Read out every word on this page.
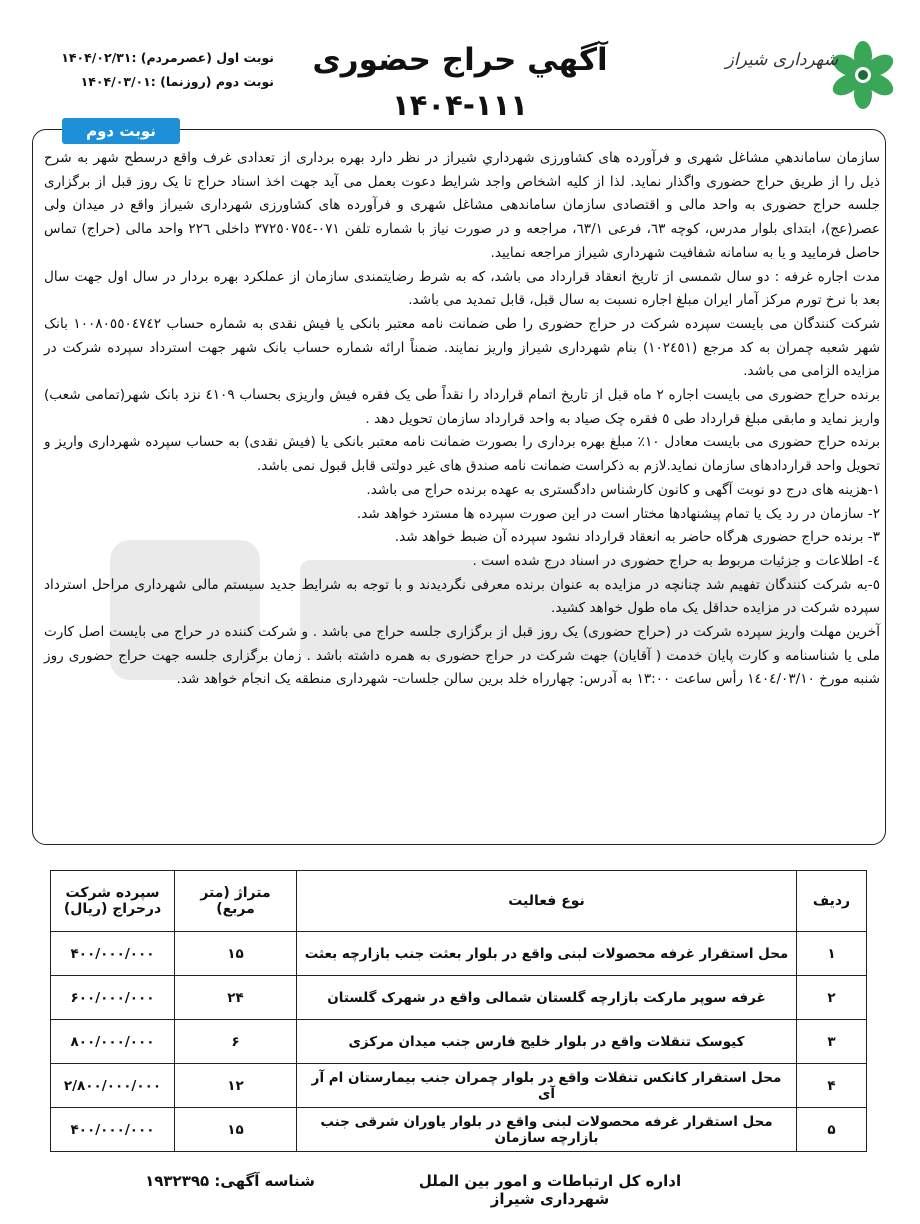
شهرداری شیراز
نوبت اول (عصرمردم) :۱۴۰۴/۰۲/۳۱
نوبت دوم (روزنما) :۱۴۰۴/۰۳/۰۱
آگهي حراج حضوری
۱۴۰۴-۱۱۱
نوبت دوم

سازمان ساماندهي مشاغل شهری و فرآورده های کشاورزی شهرداري شیراز در نظر دارد بهره برداری از تعدادی غرف واقع درسطح شهر به شرح ذیل را از طریق حراج حضوری واگذار نماید. لذا از کلیه اشخاص واجد شرایط دعوت بعمل می آید جهت اخذ اسناد حراج تا یک روز قبل از برگزاری جلسه حراج حضوری به واحد مالی و اقتصادی سازمان ساماندهی مشاغل شهری و فرآورده های کشاورزی شهرداری شیراز واقع در میدان ولی عصر(عج)، ابتدای بلوار مدرس، کوچه ٦٣، فرعی ٦٣/١، مراجعه و در صورت نیاز با شماره تلفن ٠٧١-٣٧٢٥٠٧٥٤ داخلی ٢٢٦ واحد مالی (حراج) تماس حاصل فرمایید و یا به سامانه شفافیت شهرداری شیراز مراجعه نمایید.

مدت اجاره غرفه : دو سال شمسی از تاریخ انعقاد قرارداد می باشد، که به شرط رضایتمندی سازمان از عملکرد بهره بردار در سال اول جهت سال بعد با نرخ تورم مرکز آمار ایران مبلغ اجاره نسبت به سال قبل، قابل تمدید می باشد.

شرکت کنندگان می بایست سپرده شرکت در حراج حضوری را طی ضمانت نامه معتبر بانکی یا فیش نقدی به شماره حساب ١٠٠٨٠٥٥٠٤٧٤٢ بانک شهر شعبه چمران به کد مرجع (١٠٢٤٥١) بنام شهرداری شیراز واریز نمایند. ضمناً ارائه شماره حساب بانک شهر جهت استرداد سپرده شرکت در مزایده الزامی می باشد.

برنده حراج حضوری می بایست اجاره ٢ ماه قبل از تاریخ اتمام قرارداد را نقداً طی یک فقره فیش واریزی بحساب ٤١٠٩ نزد بانک شهر(تمامی شعب) واریز نماید و مابقی مبلغ قرارداد طی ٥ فقره چک صیاد به واحد قرارداد سازمان تحویل دهد .

برنده حراج حضوری می بایست معادل ١٠٪ مبلغ بهره برداری را بصورت ضمانت نامه معتبر بانکی یا (فیش نقدی) به حساب سپرده شهرداری واریز و تحویل واحد قراردادهای سازمان نماید.لازم به ذکراست ضمانت نامه صندق های غیر دولتی قابل قبول نمی باشد.

١-هزینه های درج دو نوبت آگهی و کانون کارشناس دادگستری به عهده برنده حراج می باشد.

٢- سازمان در رد یک یا تمام پیشنهادها مختار است در این صورت سپرده ها مسترد خواهد شد.

٣- برنده حراج حضوری هرگاه حاضر به انعقاد قرارداد نشود سپرده آن ضبط خواهد شد.

٤- اطلاعات و جزئیات مربوط به حراج حضوری در اسناد درج شده است .

٥-به شرکت کنندگان تفهیم شد چنانچه در مزایده به عنوان برنده معرفی نگردیدند و با توجه به شرایط جدید سیستم مالی شهرداری مراحل استرداد سپرده شرکت در مزایده حداقل یک ماه طول خواهد کشید.

آخرین مهلت واریز سپرده شرکت در (حراج حضوری) یک روز قبل از برگزاری جلسه حراج می باشد . و شرکت کننده در حراج می بایست اصل کارت ملی یا شناسنامه و کارت پایان خدمت ( آقایان) جهت شرکت در حراج حضوری به همره داشته باشد . زمان برگزاری جلسه جهت حراج حضوری روز شنبه مورخ ١٤٠٤/٠٣/١٠ رأس ساعت ١٣:٠٠ به آدرس: چهارراه خلد برین سالن جلسات- شهرداری منطقه یک انجام خواهد شد.

رديف	نوع فعاليت	متراژ (متر مربع)	سپرده شرکت درحراج (ريال)
١	محل استقرار غرفه محصولات لبنی واقع در بلوار بعثت جنب بازارچه بعثت	١۵	۴٠٠/٠٠٠/٠٠٠
٢	غرفه سوپر مارکت بازارچه گلستان شمالی واقع در شهرک گلستان	٢۴	۶٠٠/٠٠٠/٠٠٠
٣	کیوسک تنقلات واقع در بلوار خلیج فارس جنب میدان مرکزی	۶	٨٠٠/٠٠٠/٠٠٠
۴	محل استقرار کانکس تنقلات واقع در بلوار چمران جنب بیمارستان ام آر آی	١٢	٢/٨٠٠/٠٠٠/٠٠٠
۵	محل استقرار غرفه محصولات لبنی واقع در بلوار یاوران شرقی جنب بازارچه سازمان	١۵	۴٠٠/٠٠٠/٠٠٠
اداره کل ارتباطات و امور بين الملل شهرداری شیراز
شناسه آگهی: ١٩٣٢٣٩۵
